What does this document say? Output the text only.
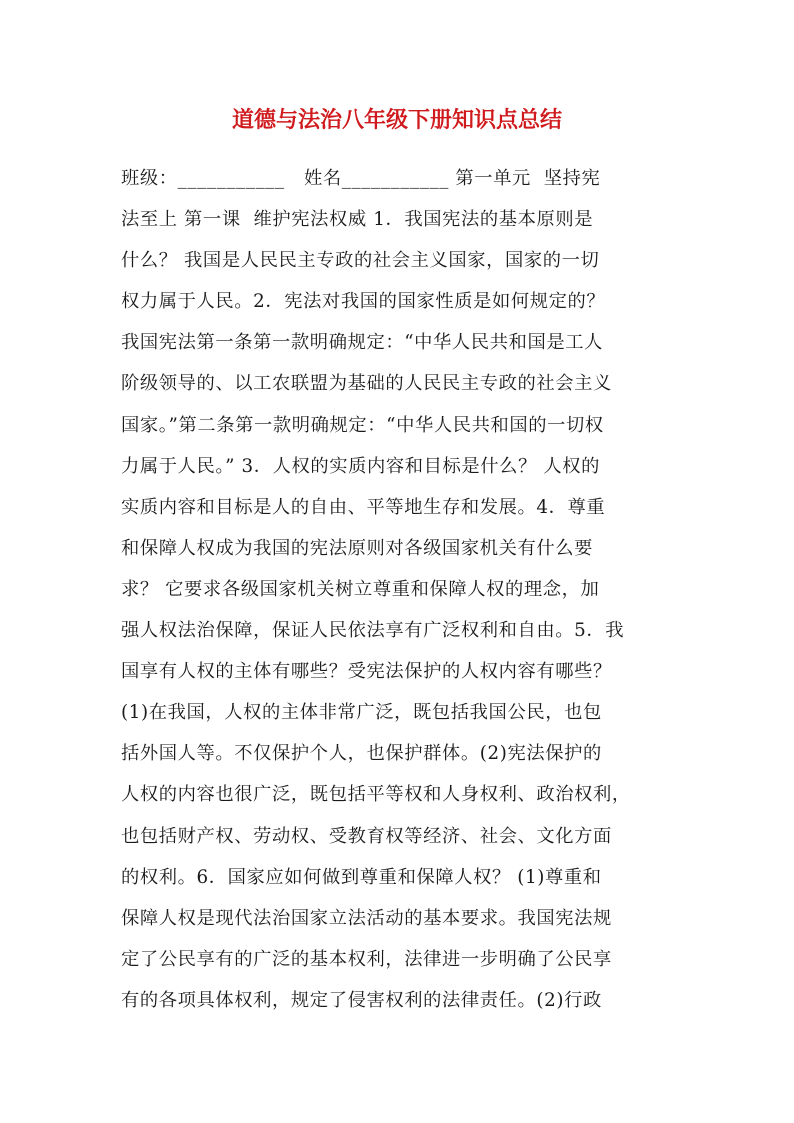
道德与法治八年级下册知识点总结
班级：___________   姓名___________ 第一单元  坚持宪
法至上 第一课  维护宪法权威 1．我国宪法的基本原则是
什么？ 我国是人民民主专政的社会主义国家，国家的一切
权力属于人民。2．宪法对我国的国家性质是如何规定的？
我国宪法第一条第一款明确规定：“中华人民共和国是工人
阶级领导的、以工农联盟为基础的人民民主专政的社会主义
国家。”第二条第一款明确规定：“中华人民共和国的一切权
力属于人民。” 3．人权的实质内容和目标是什么？ 人权的
实质内容和目标是人的自由、平等地生存和发展。4．尊重
和保障人权成为我国的宪法原则对各级国家机关有什么要
求？ 它要求各级国家机关树立尊重和保障人权的理念，加
强人权法治保障，保证人民依法享有广泛权利和自由。5．我
国享有人权的主体有哪些？受宪法保护的人权内容有哪些？
(1)在我国，人权的主体非常广泛，既包括我国公民，也包
括外国人等。不仅保护个人，也保护群体。(2)宪法保护的
人权的内容也很广泛，既包括平等权和人身权利、政治权利，
也包括财产权、劳动权、受教育权等经济、社会、文化方面
的权利。6．国家应如何做到尊重和保障人权？ (1)尊重和
保障人权是现代法治国家立法活动的基本要求。我国宪法规
定了公民享有的广泛的基本权利，法律进一步明确了公民享
有的各项具体权利，规定了侵害权利的法律责任。(2)行政
